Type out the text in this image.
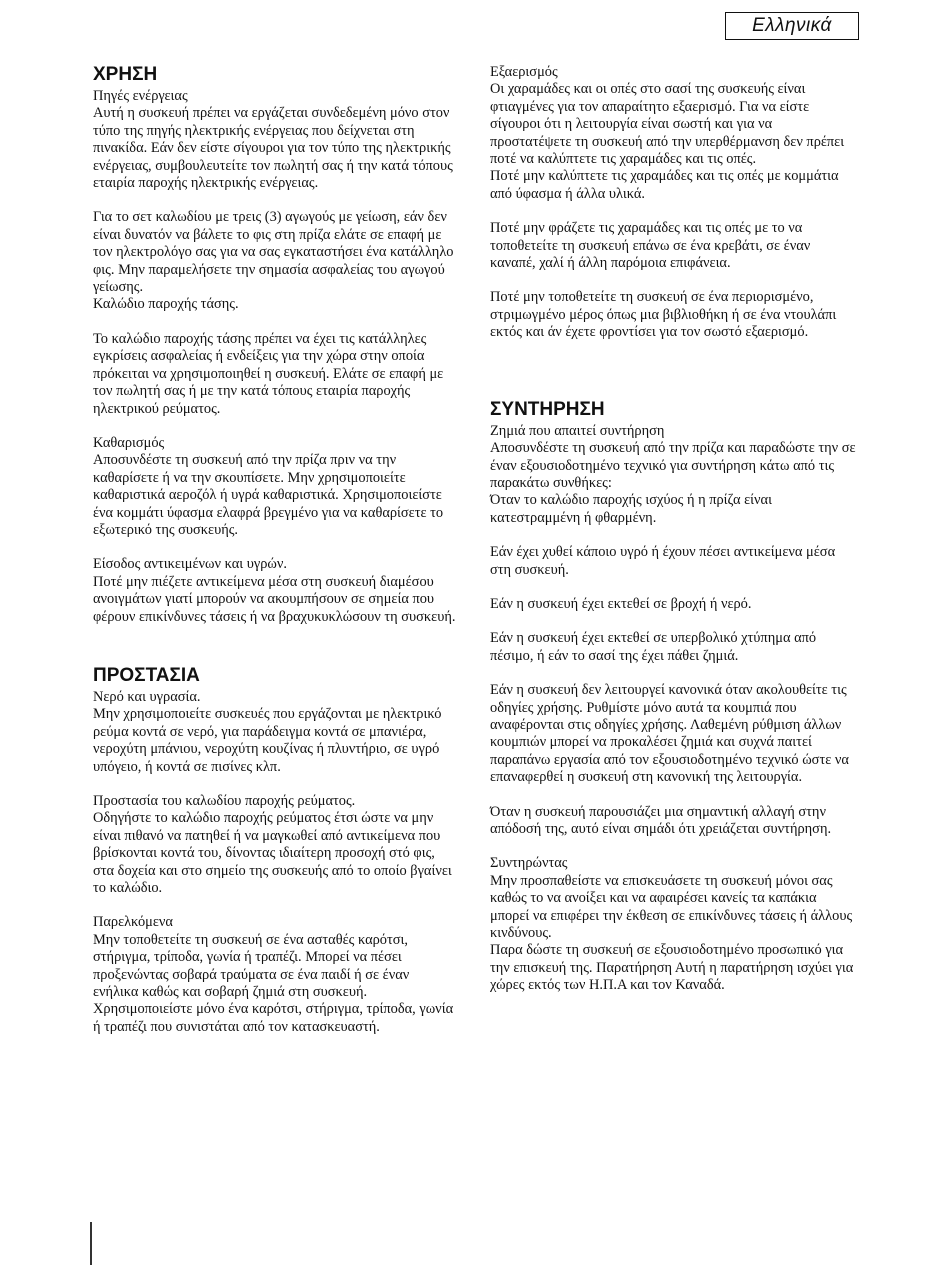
Ελληνικά
ΧΡΗΣΗ

Πηγές ενέργειας
Αυτή η συσκευή πρέπει να εργάζεται συνδεδεμένη μόνο στον τύπο της πηγής ηλεκτρικής ενέργειας που δείχνεται στη πινακίδα. Εάν δεν είστε σίγουροι για τον τύπο της ηλεκτρικής ενέργειας, συμβουλευτείτε τον πωλητή σας ή την κατά τόπους εταιρία παροχής ηλεκτρικής ενέργειας.

Για το σετ καλωδίου με τρεις (3) αγωγούς με γείωση, εάν δεν είναι δυνατόν να βάλετε το φις στη πρίζα ελάτε σε επαφή με τον ηλεκτρολόγο σας για να σας εγκαταστήσει ένα κατάλληλο φις. Μην παραμελήσετε την σημασία ασφαλείας του αγωγού γείωσης.
Καλώδιο παροχής τάσης.

Το καλώδιο παροχής τάσης πρέπει να έχει τις κατάλληλες εγκρίσεις ασφαλείας ή ενδείξεις για την χώρα στην οποία πρόκειται να χρησιμοποιηθεί η συσκευή. Ελάτε σε επαφή με τον πωλητή σας ή με την κατά τόπους εταιρία παροχής ηλεκτρικού ρεύματος.

Καθαρισμός
Αποσυνδέστε τη συσκευή από την πρίζα πριν να την καθαρίσετε ή να την σκουπίσετε. Μην χρησιμοποιείτε καθαριστικά αεροζόλ ή υγρά καθαριστικά. Χρησιμοποιείστε ένα κομμάτι ύφασμα ελαφρά βρεγμένο για να καθαρίσετε το εξωτερικό της συσκευής.

Είσοδος αντικειμένων και υγρών.
Ποτέ μην πιέζετε αντικείμενα μέσα στη συσκευή διαμέσου ανοιγμάτων γιατί μπορούν να ακουμπήσουν σε σημεία που φέρουν επικίνδυνες τάσεις ή να βραχυκυκλώσουν τη συσκευή.

ΠΡΟΣΤΑΣΙΑ

Νερό και υγρασία.
Μην χρησιμοποιείτε συσκευές που εργάζονται με ηλεκτρικό ρεύμα κοντά σε νερό, για παράδειγμα κοντά σε μπανιέρα, νεροχύτη μπάνιου, νεροχύτη κουζίνας ή πλυντήριο, σε υγρό υπόγειο, ή κοντά σε πισίνες κλπ.

Προστασία του καλωδίου παροχής ρεύματος.
Οδηγήστε το καλώδιο παροχής ρεύματος έτσι ώστε να μην είναι πιθανό να πατηθεί ή να μαγκωθεί από αντικείμενα που βρίσκονται κοντά του, δίνοντας ιδιαίτερη προσοχή στό φις, στα δοχεία και στο σημείο της συσκευής από το οποίο βγαίνει το καλώδιο.

Παρελκόμενα
Μην τοποθετείτε τη συσκευή σε ένα ασταθές καρότσι, στήριγμα, τρίποδα, γωνία ή τραπέζι. Μπορεί να πέσει προξενώντας σοβαρά τραύματα σε ένα παιδί ή σε έναν ενήλικα καθώς και σοβαρή ζημιά στη συσκευή. Χρησιμοποιείστε μόνο ένα καρότσι, στήριγμα, τρίποδα, γωνία ή τραπέζι που συνιστάται από τον κατασκευαστή.

Εξαερισμός
Οι χαραμάδες και οι οπές στο σασί της συσκευής είναι φτιαγμένες για τον απαραίτητο εξαερισμό. Για να είστε σίγουροι ότι η λειτουργία είναι σωστή και για να προστατέψετε τη συσκευή από την υπερθέρμανση δεν πρέπει ποτέ να καλύπτετε τις χαραμάδες και τις οπές.
Ποτέ μην καλύπτετε τις χαραμάδες και τις οπές με κομμάτια από ύφασμα ή άλλα υλικά.

Ποτέ μην φράζετε τις χαραμάδες και τις οπές με το να τοποθετείτε τη συσκευή επάνω σε ένα κρεβάτι, σε έναν καναπέ, χαλί ή άλλη παρόμοια επιφάνεια.

Ποτέ μην τοποθετείτε τη συσκευή σε ένα περιορισμένο, στριμωγμένο μέρος όπως μια βιβλιοθήκη ή σε ένα ντουλάπι εκτός και άν έχετε φροντίσει για τον σωστό εξαερισμό.

ΣΥΝΤΗΡΗΣΗ

Ζημιά που απαιτεί συντήρηση
Αποσυνδέστε τη συσκευή από την πρίζα και παραδώστε την σε έναν εξουσιοδοτημένο τεχνικό για συντήρηση κάτω από τις παρακάτω συνθήκες:
Όταν το καλώδιο παροχής ισχύος ή η πρίζα είναι κατεστραμμένη ή φθαρμένη.

Εάν έχει χυθεί κάποιο υγρό ή έχουν πέσει αντικείμενα μέσα στη συσκευή.

Εάν η συσκευή έχει εκτεθεί σε βροχή ή νερό.

Εάν η συσκευή έχει εκτεθεί σε υπερβολικό χτύπημα από πέσιμο, ή εάν το σασί της έχει πάθει ζημιά.

Εάν η συσκευή δεν λειτουργεί κανονικά όταν ακολουθείτε τις οδηγίες χρήσης. Ρυθμίστε μόνο αυτά τα κουμπιά που αναφέρονται στις οδηγίες χρήσης. Λαθεμένη ρύθμιση άλλων κουμπιών μπορεί να προκαλέσει ζημιά και συχνά παιτεί παραπάνω εργασία από τον εξουσιοδοτημένο τεχνικό ώστε να επαναφερθεί η συσκευή στη κανονική της λειτουργία.

Όταν η συσκευή παρουσιάζει μια σημαντική αλλαγή στην απόδοσή της, αυτό είναι σημάδι ότι χρειάζεται συντήρηση.

Συντηρώντας
Μην προσπαθείστε να επισκευάσετε τη συσκευή μόνοι σας καθώς το να ανοίξει και να αφαιρέσει κανείς τα καπάκια μπορεί να επιφέρει την έκθεση σε επικίνδυνες τάσεις ή άλλους κινδύνους.
Παρα δώστε τη συσκευή σε εξουσιοδοτημένο προσωπικό για την επισκευή της. Παρατήρηση Αυτή η παρατήρηση ισχύει για χώρες εκτός των Η.Π.Α και τον Καναδά.
